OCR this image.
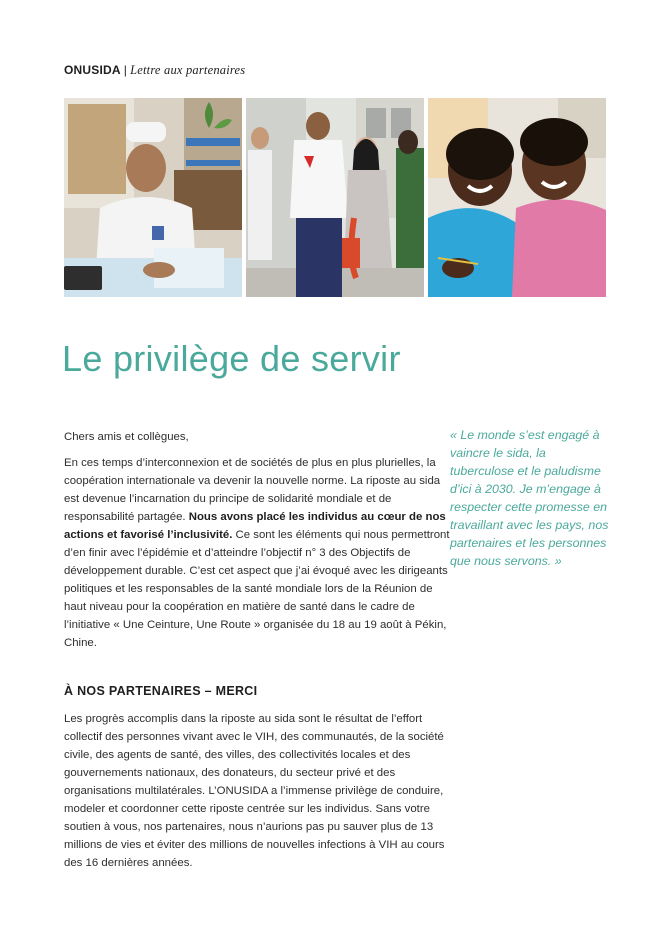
ONUSIDA | Lettre aux partenaires
Le privilège de servir

Chers amis et collègues,

En ces temps d’interconnexion et de sociétés de plus en plus plurielles, la coopération internationale va devenir la nouvelle norme. La riposte au sida est devenue l’incarnation du principe de solidarité mondiale et de responsabilité partagée. Nous avons placé les individus au cœur de nos actions et favorisé l’inclusivité. Ce sont les éléments qui nous permettront d’en finir avec l’épidémie et d’atteindre l’objectif n° 3 des Objectifs de développement durable. C’est cet aspect que j’ai évoqué avec les dirigeants politiques et les responsables de la santé mondiale lors de la Réunion de haut niveau pour la coopération en matière de santé dans le cadre de l’initiative « Une Ceinture, Une Route » organisée du 18 au 19 août à Pékin, Chine.

À NOS PARTENAIRES – MERCI

Les progrès accomplis dans la riposte au sida sont le résultat de l’effort collectif des personnes vivant avec le VIH, des communautés, de la société civile, des agents de santé, des villes, des collectivités locales et des gouvernements nationaux, des donateurs, du secteur privé et des organisations multilatérales. L’ONUSIDA a l’immense privilège de conduire, modeler et coordonner cette riposte centrée sur les individus. Sans votre soutien à vous, nos partenaires, nous n’aurions pas pu sauver plus de 13 millions de vies et éviter des millions de nouvelles infections à VIH au cours des 16 dernières années.

« Le monde s’est engagé à vaincre le sida, la tuberculose et le paludisme d’ici à 2030. Je m’engage à respecter cette promesse en travaillant avec les pays, nos partenaires et les personnes que nous servons. »
